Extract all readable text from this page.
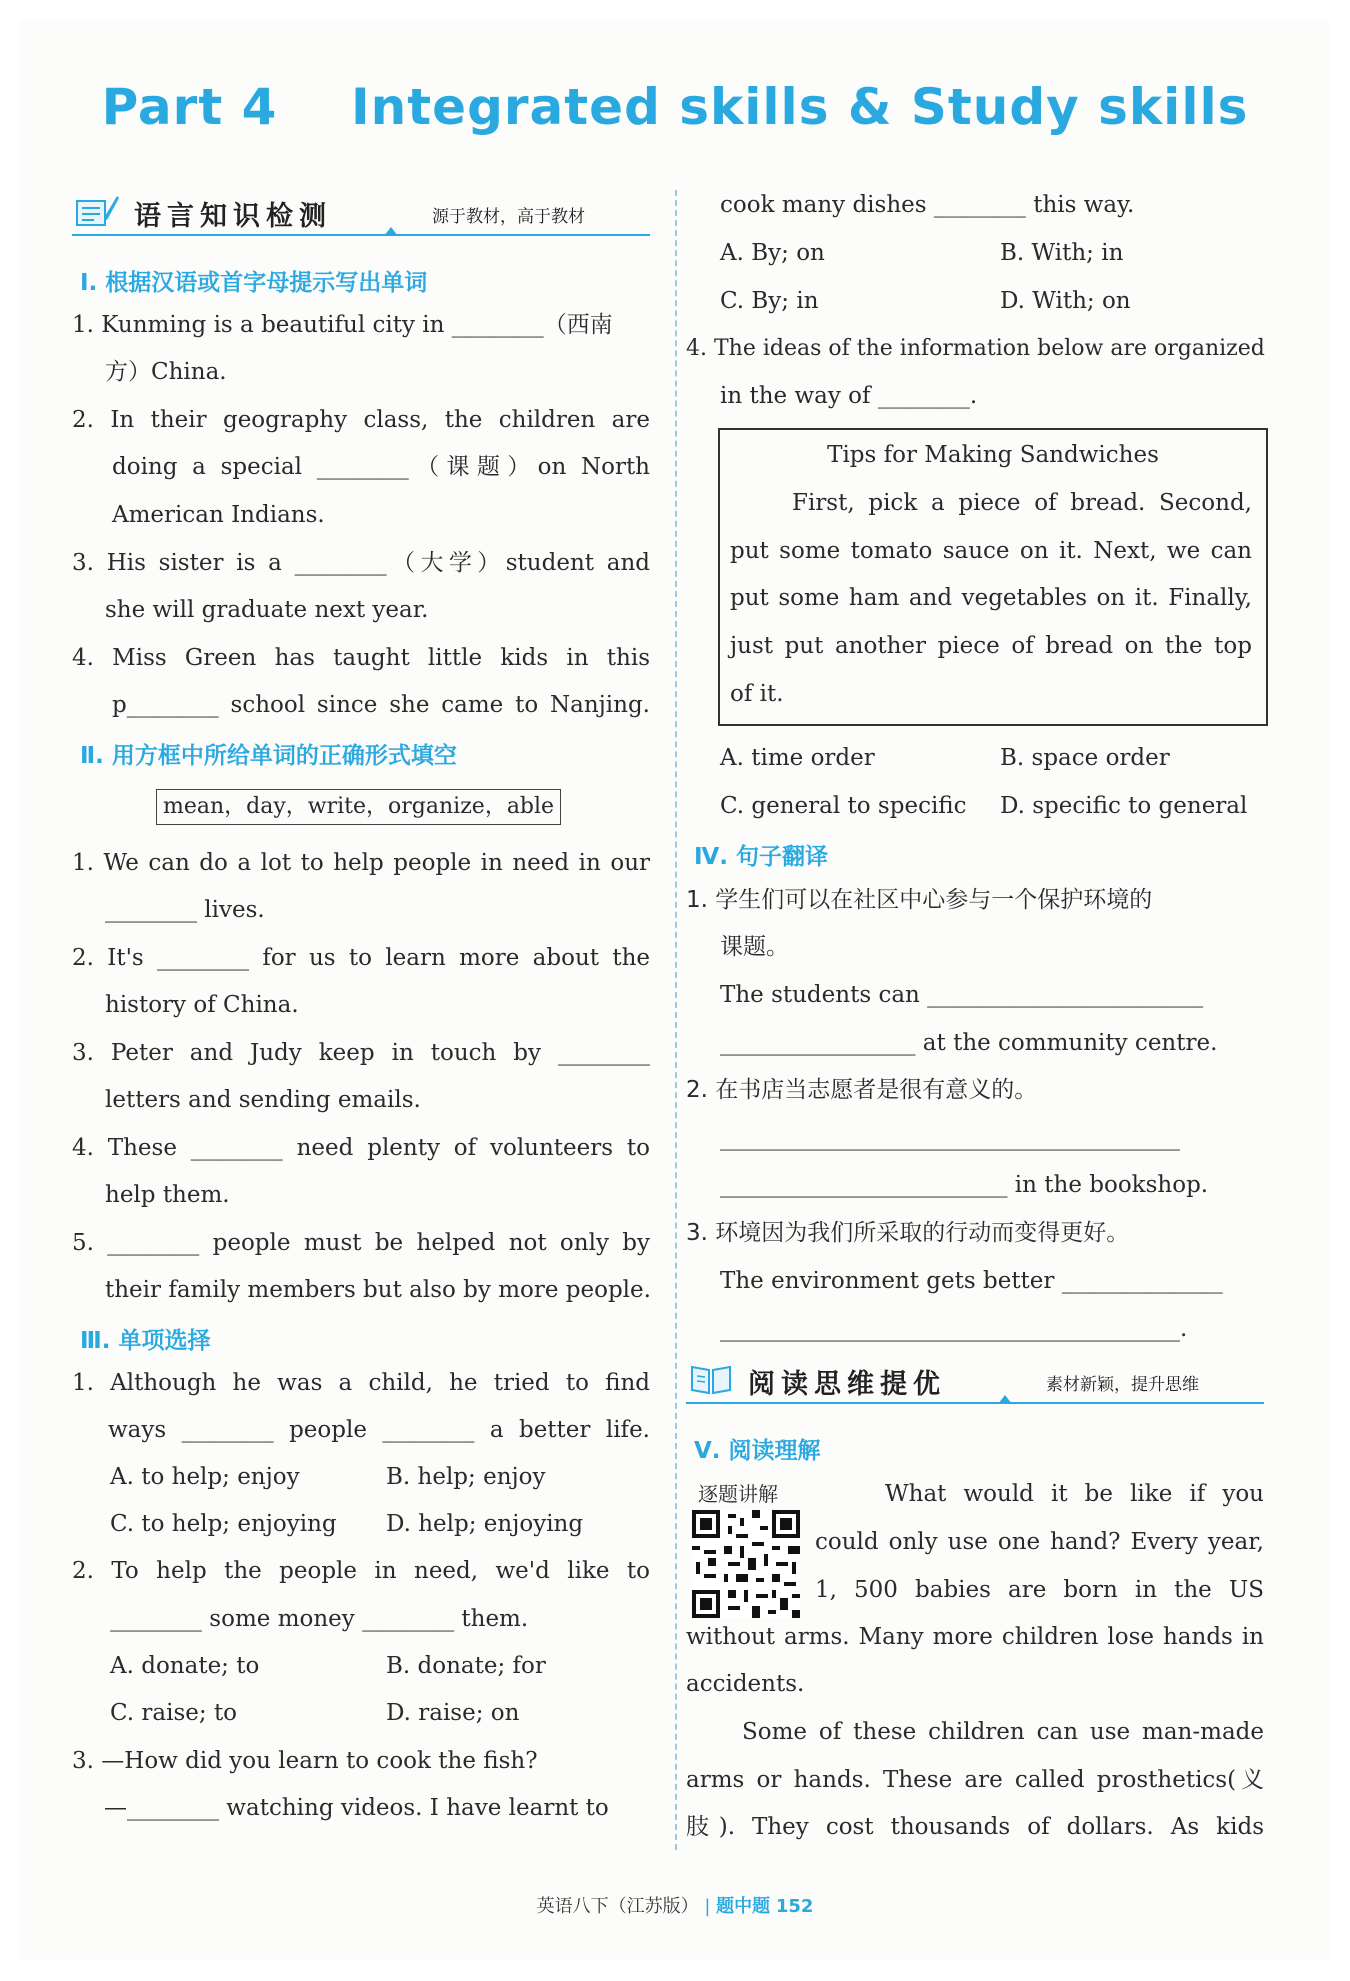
Part 4    Integrated skills & Study skills
语言知识检测	源于教材，高于教材
Ⅰ. 根据汉语或首字母提示写出单词
1. Kunming is a beautiful city in ________（西南
方）China.
2. In their geography class, the children are
doing a special ________（课题）on North
American Indians.
3. His sister is a ________（大学）student and
she will graduate next year.
4. Miss Green has taught little kids in this
p________ school since she came to Nanjing.
Ⅱ. 用方框中所给单词的正确形式填空
mean，day，write，organize，able
1. We can do a lot to help people in need in our
________ lives.
2. It's ________ for us to learn more about the
history of China.
3. Peter and Judy keep in touch by ________
letters and sending emails.
4. These ________ need plenty of volunteers to
help them.
5. ________ people must be helped not only by
their family members but also by more people.
Ⅲ. 单项选择
1. Although he was a child, he tried to find
ways ________ people ________ a better life.
A. to help; enjoy	B. help; enjoy
C. to help; enjoying D. help; enjoying
2. To help the people in need, we'd like to
________ some money ________ them.
A. donate; to	B. donate; for
C. raise; to	D. raise; on
3. —How did you learn to cook the fish?
—________ watching videos. I have learnt to
cook many dishes ________ this way.
A. By; on	B. With; in
C. By; in	D. With; on
4. The ideas of the information below are organized
in the way of ________.
Tips for Making Sandwiches
First, pick a piece of bread. Second,
put some tomato sauce on it. Next, we can
put some ham and vegetables on it. Finally,
just put another piece of bread on the top
of it.
A. time order	B. space order
C. general to specific D. specific to general
Ⅳ. 句子翻译
1. 学生们可以在社区中心参与一个保护环境的
课题。
The students can ________________________
_________________ at the community centre.
2. 在书店当志愿者是很有意义的。
________________________________________
_________________________ in the bookshop.
3. 环境因为我们所采取的行动而变得更好。
The environment gets better ______________
________________________________________.
阅读思维提优	素材新颖，提升思维
Ⅴ. 阅读理解
逐题讲解	What would it be like if you
could only use one hand? Every year,
1, 500 babies are born in the US
without arms. Many more children lose hands in
accidents.
Some of these children can use man-made
arms or hands. These are called prosthetics(义
肢). They cost thousands of dollars. As kids
英语八下（江苏版） | 题中题 152
